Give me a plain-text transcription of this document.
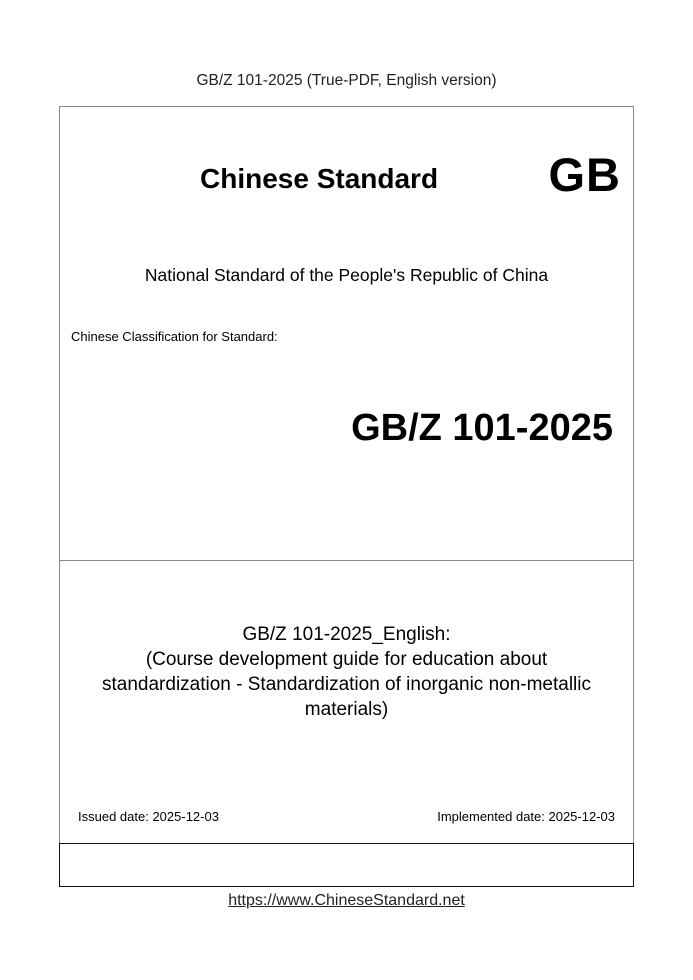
GB/Z 101-2025 (True-PDF, English version)
Chinese Standard GB
National Standard of the People's Republic of China
Chinese Classification for Standard:
GB/Z 101-2025
GB/Z 101-2025_English:
(Course development guide for education about
standardization - Standardization of inorganic non-metallic
materials)
Issued date: 2025-12-03	Implemented date: 2025-12-03
https://www.ChineseStandard.net
